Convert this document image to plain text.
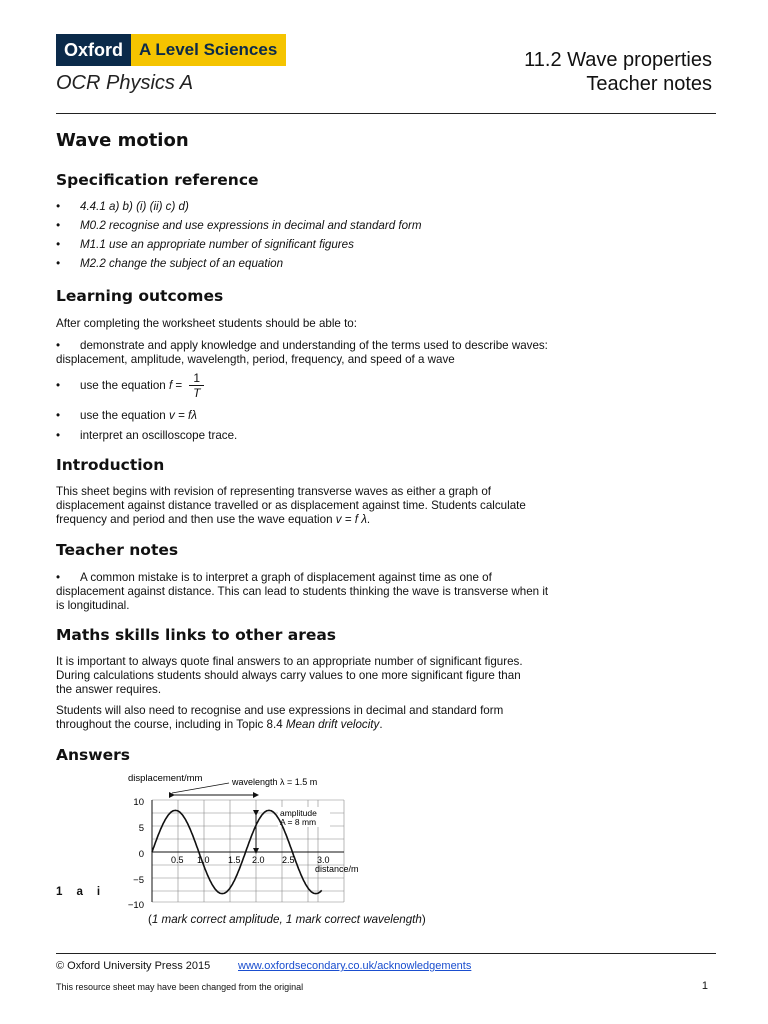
Oxford A Level Sciences
OCR Physics A
11.2 Wave properties
Teacher notes
Wave motion
Specification reference
• 4.4.1 a) b) (i) (ii) c) d)
• M0.2 recognise and use expressions in decimal and standard form
• M1.1 use an appropriate number of significant figures
• M2.2 change the subject of an equation
Learning outcomes
After completing the worksheet students should be able to:
• demonstrate and apply knowledge and understanding of the terms used to describe waves:
displacement, amplitude, wavelength, period, frequency, and speed of a wave
• use the equation $f = \frac{1}{T}$
• use the equation v = fλ
• interpret an oscilloscope trace.
Introduction
This sheet begins with revision of representing transverse waves as either a graph of
displacement against distance travelled or as displacement against time. Students calculate
frequency and period and then use the wave equation v = f λ.
Teacher notes
• A common mistake is to interpret a graph of displacement against time as one of
displacement against distance. This can lead to students thinking the wave is transverse when it
is longitudinal.
Maths skills links to other areas
It is important to always quote final answers to an appropriate number of significant figures.
During calculations students should always carry values to one more significant figure than
the answer requires.
Students will also need to recognise and use expressions in decimal and standard form
throughout the course, including in Topic 8.4 Mean drift velocity.
Answers
displacement/mm	wavelength λ = 1.5 m
amplitude
A = 8 mm
10
5
0
−5
−10
0.5 1.0 1.5 2.0 2.5 3.0
distance/m
1 a i
(1 mark correct amplitude, 1 mark correct wavelength)
© Oxford University Press 2015	www.oxfordsecondary.co.uk/acknowledgements
This resource sheet may have been changed from the original	1
